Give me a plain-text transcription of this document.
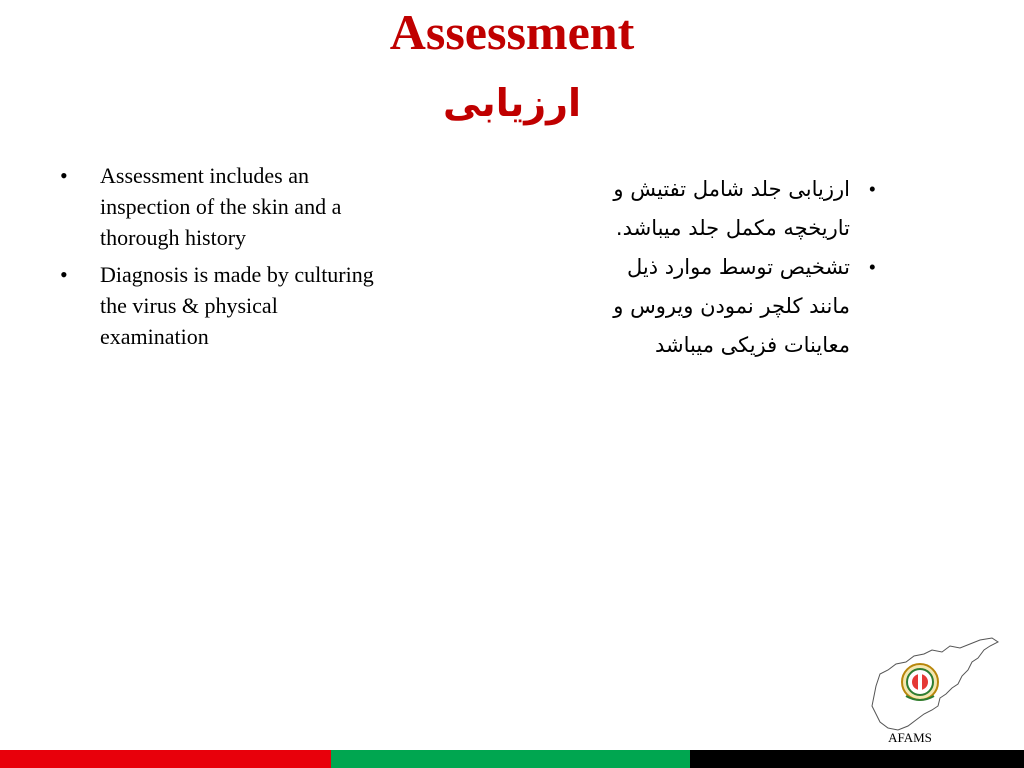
Assessment
ارزیابی
• Assessment includes an inspection of the skin and a thorough history
• Diagnosis is made by culturing the virus & physical examination
•
ارزیابی جلد شامل تفتیش و تاریخچه مکمل جلد میباشد.
•
تشخیص توسط موارد ذیل مانند کلچر نمودن ویروس و معاینات فزیکی میباشد
AFAMS
